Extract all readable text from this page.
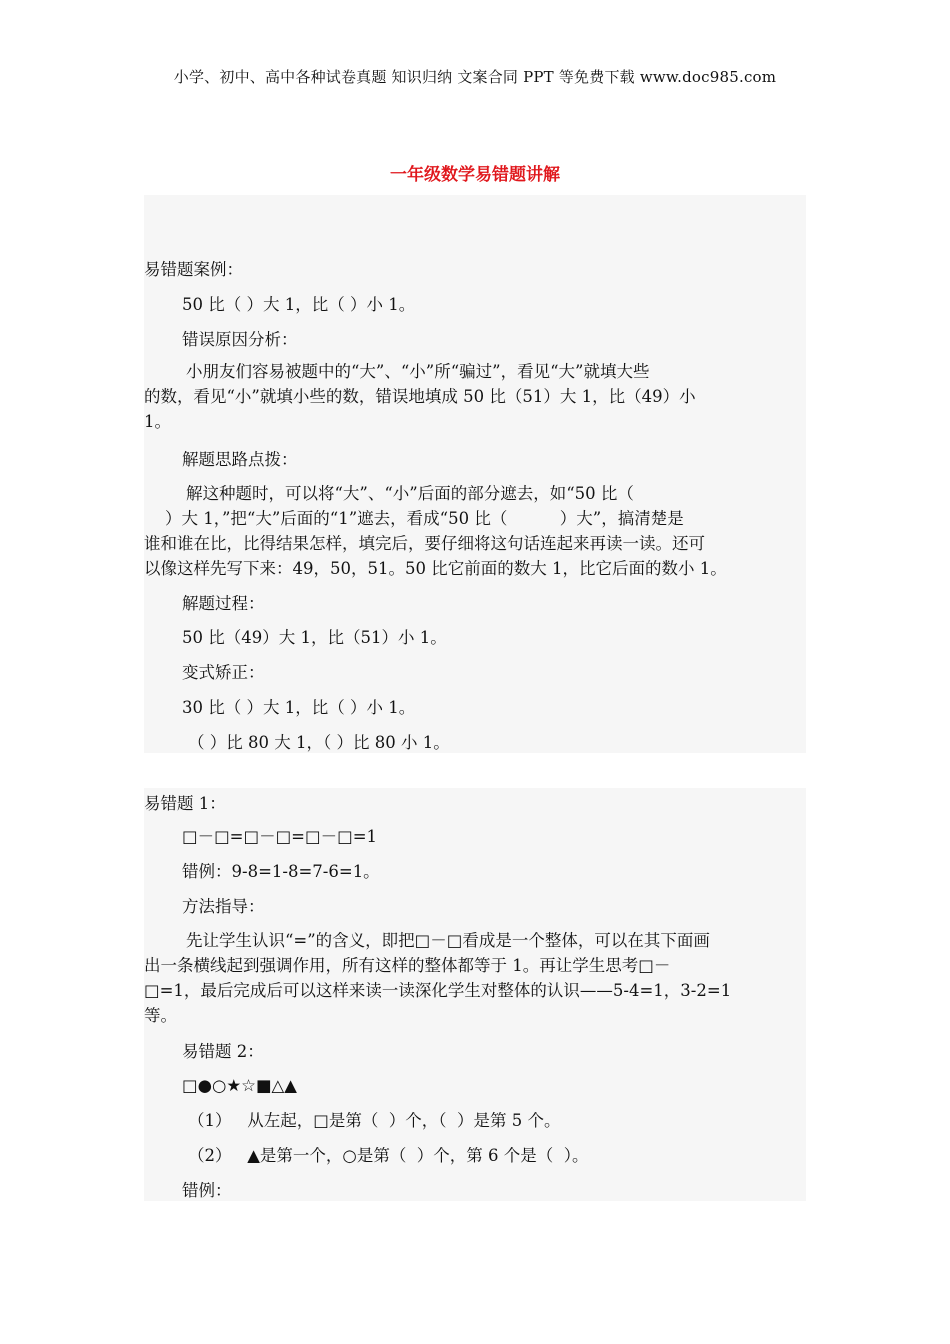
小学、初中、高中各种试卷真题 知识归纳 文案合同 PPT 等免费下载 www.doc985.com
一年级数学易错题讲解
易错题案例：
50 比（ ）大 1，比（ ）小 1。
错误原因分析：
小朋友们容易被题中的“大”、“小”所“骗过”，看见“大”就填大些
的数，看见“小”就填小些的数，错误地填成 50 比（51）大 1，比（49）小
1。
解题思路点拨：
解这种题时，可以将“大”、“小”后面的部分遮去，如“50 比（
）大 1，”把“大”后面的“1”遮去，看成“50 比（          ）大”，搞清楚是
谁和谁在比，比得结果怎样，填完后，要仔细将这句话连起来再读一读。还可
以像这样先写下来：49，50，51。50 比它前面的数大 1，比它后面的数小 1。
解题过程：
50 比（49）大 1，比（51）小 1。
变式矫正：
30 比（ ）大 1，比（ ）小 1。
（ ）比 80 大 1，（ ）比 80 小 1。
易错题 1：
□－□=□－□=□－□=1
错例：9-8=1-8=7-6=1。
方法指导：
先让学生认识“=”的含义，即把□－□看成是一个整体，可以在其下面画
出一条横线起到强调作用，所有这样的整体都等于 1。再让学生思考□－
□=1，最后完成后可以这样来读一读深化学生对整体的认识——5-4=1，3-2=1
等。
易错题 2：
□●○★☆■△▲
（1）   从左起，□是第（  ）个，（  ）是第 5 个。
（2）   ▲是第一个，○是第（  ）个，第 6 个是（  ）。
错例：
